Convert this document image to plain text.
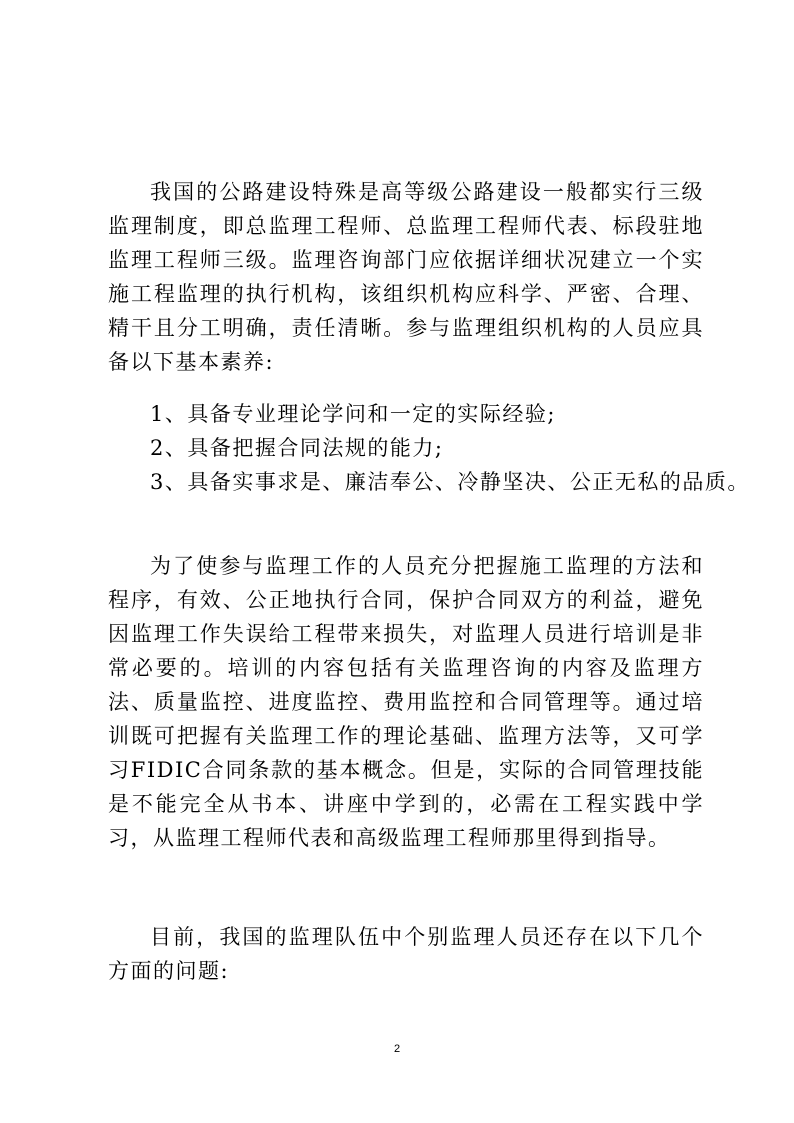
我国的公路建设特殊是高等级公路建设一般都实行三级监理制度，即总监理工程师、总监理工程师代表、标段驻地监理工程师三级。监理咨询部门应依据详细状况建立一个实施工程监理的执行机构，该组织机构应科学、严密、合理、精干且分工明确，责任清晰。参与监理组织机构的人员应具备以下基本素养:

1、具备专业理论学问和一定的实际经验;
2、具备把握合同法规的能力;
3、具备实事求是、廉洁奉公、冷静坚决、公正无私的品质。

为了使参与监理工作的人员充分把握施工监理的方法和程序，有效、公正地执行合同，保护合同双方的利益，避免因监理工作失误给工程带来损失，对监理人员进行培训是非常必要的。培训的内容包括有关监理咨询的内容及监理方法、质量监控、进度监控、费用监控和合同管理等。通过培训既可把握有关监理工作的理论基础、监理方法等，又可学习FIDIC合同条款的基本概念。但是，实际的合同管理技能是不能完全从书本、讲座中学到的，必需在工程实践中学习，从监理工程师代表和高级监理工程师那里得到指导。

目前，我国的监理队伍中个别监理人员还存在以下几个方面的问题:

2
